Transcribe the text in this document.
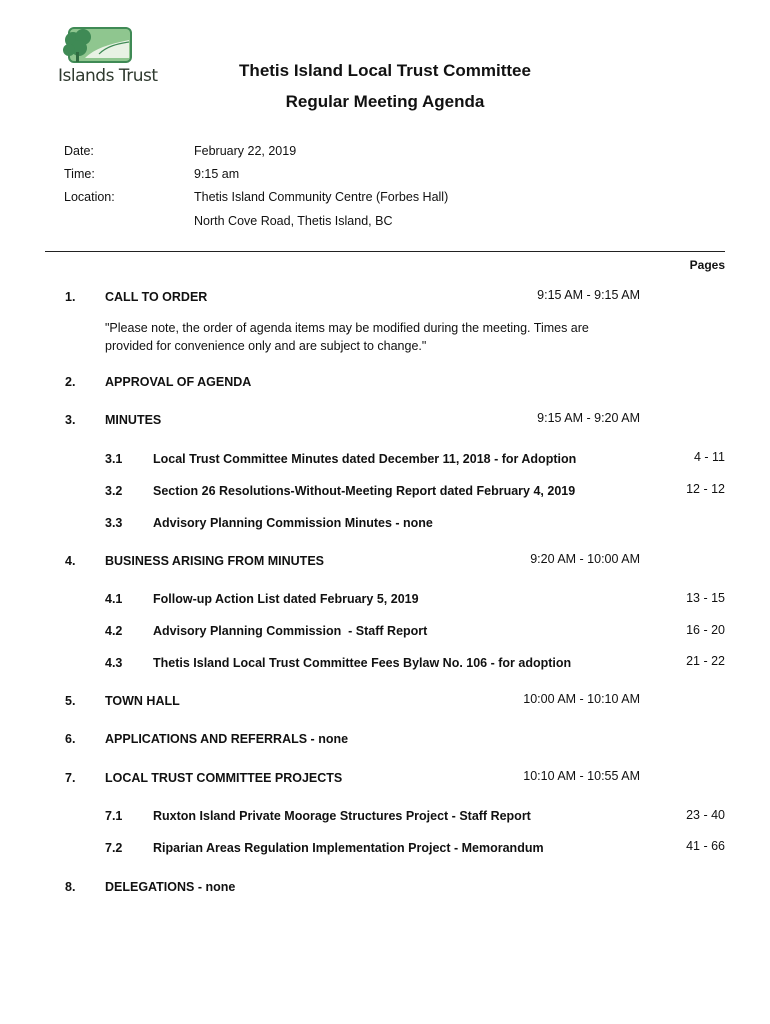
Islands Trust	Thetis Island Local Trust Committee
Regular Meeting Agenda
Date:	February 22, 2019
Time:	9:15 am
Location:	Thetis Island Community Centre (Forbes Hall)
North Cove Road, Thetis Island, BC
Pages
1. CALL TO ORDER	9:15 AM - 9:15 AM
"Please note, the order of agenda items may be modified during the meeting. Times are provided for convenience only and are subject to change."
2. APPROVAL OF AGENDA
3. MINUTES	9:15 AM - 9:20 AM
3.1 Local Trust Committee Minutes dated December 11, 2018 - for Adoption	4 - 11
3.2 Section 26 Resolutions-Without-Meeting Report dated February 4, 2019	12 - 12
3.3 Advisory Planning Commission Minutes - none
4. BUSINESS ARISING FROM MINUTES	9:20 AM - 10:00 AM
4.1 Follow-up Action List dated February 5, 2019	13 - 15
4.2 Advisory Planning Commission  - Staff Report	16 - 20
4.3 Thetis Island Local Trust Committee Fees Bylaw No. 106 - for adoption	21 - 22
5. TOWN HALL	10:00 AM - 10:10 AM
6. APPLICATIONS AND REFERRALS - none
7. LOCAL TRUST COMMITTEE PROJECTS	10:10 AM - 10:55 AM
7.1 Ruxton Island Private Moorage Structures Project - Staff Report	23 - 40
7.2 Riparian Areas Regulation Implementation Project - Memorandum	41 - 66
8. DELEGATIONS - none
